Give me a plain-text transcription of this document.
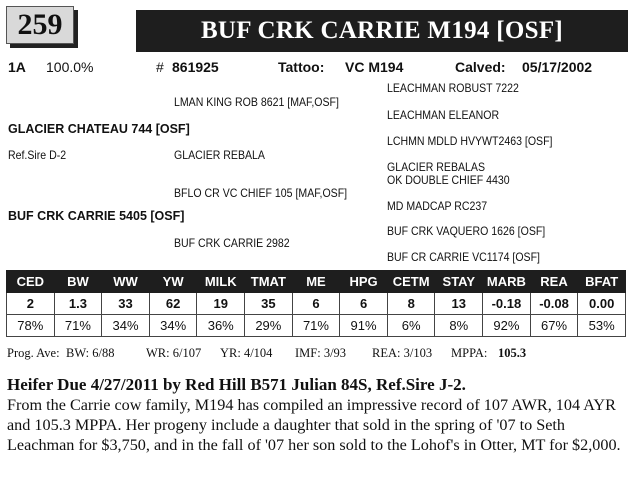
259	BUF CRK CARRIE M194 [OSF]
1A 100.0%	# 861925	Tattoo: VC M194	Calved: 05/17/2002
LEACHMAN ROBUST 7222
LMAN KING ROB 8621 [MAF,OSF]
LEACHMAN ELEANOR
GLACIER CHATEAU 744 [OSF]
LCHMN MDLD HVYWT2463 [OSF]
Ref.Sire D-2	GLACIER REBALA
GLACIER REBALAS
OK DOUBLE CHIEF 4430
BFLO CR VC CHIEF 105 [MAF,OSF]
MD MADCAP RC237
BUF CRK CARRIE 5405 [OSF]
BUF CRK VAQUERO 1626 [OSF]
BUF CRK CARRIE 2982
BUF CR CARRIE VC1174 [OSF]
CED	BW	WW	YW	MILK	TMAT	ME	HPG	CETM	STAY	MARB	REA	BFAT
2	1.3	33	62	19	35	6	6	8	13	-0.18	-0.08	0.00
78%	71%	34%	34%	36%	29%	71%	91%	6%	8%	92%	67%	53%
Prog. Ave: BW: 6/88	WR: 6/107 YR: 4/104 IMF: 3/93 REA: 3/103 MPPA: 105.3
Heifer Due 4/27/2011 by Red Hill B571 Julian 84S, Ref.Sire J-2.
From the Carrie cow family, M194 has compiled an impressive record of 107 AWR, 104 AYR and 105.3 MPPA. Her progeny include a daughter that sold in the spring of '07 to Seth Leachman for $3,750, and in the fall of '07 her son sold to the Lohof's in Otter, MT for $2,000.
